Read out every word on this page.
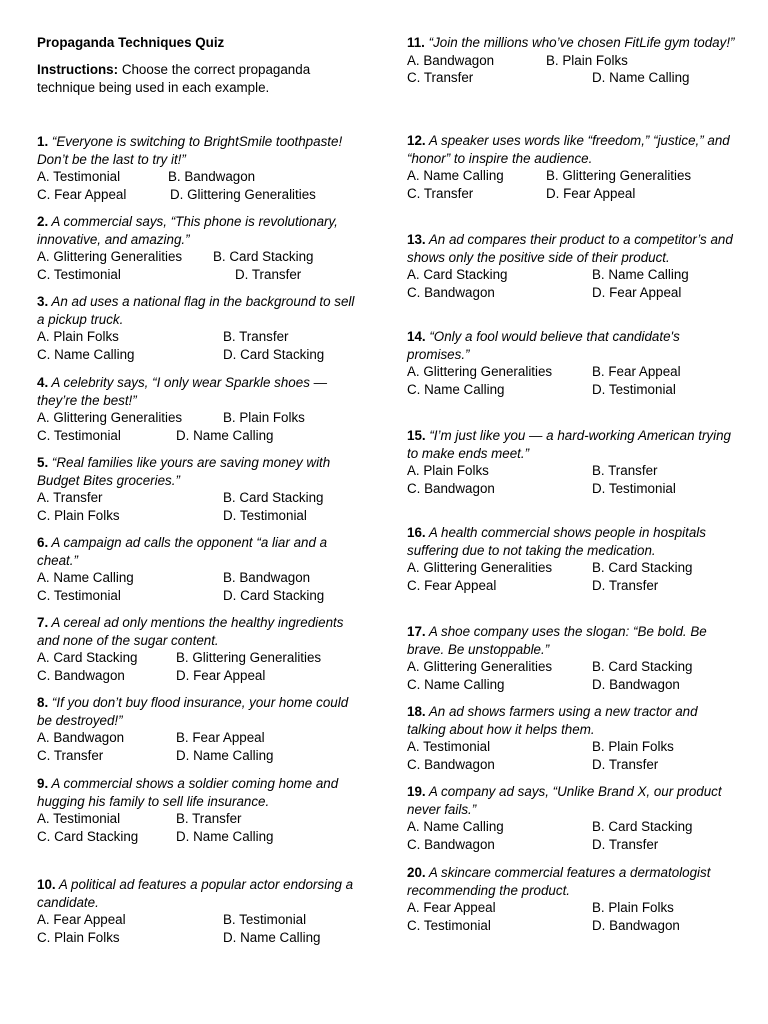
Propaganda Techniques Quiz
Instructions: Choose the correct propaganda technique being used in each example.

1. “Everyone is switching to BrightSmile toothpaste! Don’t be the last to try it!”

A. Testimonial	B. Bandwagon
C. Fear Appeal	D. Glittering Generalities

2. A commercial says, “This phone is revolutionary, innovative, and amazing.”

A. Glittering Generalities B. Card Stacking
C. Testimonial	D. Transfer

3. An ad uses a national flag in the background to sell a pickup truck.

A. Plain Folks	B. Transfer
C. Name Calling	D. Card Stacking

4. A celebrity says, “I only wear Sparkle shoes — they’re the best!”

A. Glittering Generalities	B. Plain Folks
C. Testimonial	D. Name Calling

5. “Real families like yours are saving money with Budget Bites groceries.”

A. Transfer	B. Card Stacking
C. Plain Folks	D. Testimonial

6. A campaign ad calls the opponent “a liar and a cheat.”

A. Name Calling	B. Bandwagon
C. Testimonial	D. Card Stacking

7. A cereal ad only mentions the healthy ingredients and none of the sugar content.

A. Card Stacking	B. Glittering Generalities
C. Bandwagon	D. Fear Appeal

8. “If you don’t buy flood insurance, your home could be destroyed!”

A. Bandwagon	B. Fear Appeal
C. Transfer	D. Name Calling

9. A commercial shows a soldier coming home and hugging his family to sell life insurance.

A. Testimonial	B. Transfer
C. Card Stacking	D. Name Calling

10. A political ad features a popular actor endorsing a candidate.

A. Fear Appeal	B. Testimonial
C. Plain Folks	D. Name Calling

11. “Join the millions who’ve chosen FitLife gym today!”

A. Bandwagon	B. Plain Folks
C. Transfer	D. Name Calling

12. A speaker uses words like “freedom,” “justice,” and “honor” to inspire the audience.

A. Name Calling	B. Glittering Generalities
C. Transfer	D. Fear Appeal

13. An ad compares their product to a competitor’s and shows only the positive side of their product.

A. Card Stacking	B. Name Calling
C. Bandwagon	D. Fear Appeal

14. “Only a fool would believe that candidate's promises.”

A. Glittering Generalities	B. Fear Appeal
C. Name Calling	D. Testimonial

15. “I’m just like you — a hard-working American trying to make ends meet.”

A. Plain Folks	B. Transfer
C. Bandwagon	D. Testimonial

16. A health commercial shows people in hospitals suffering due to not taking the medication.

A. Glittering Generalities	B. Card Stacking
C. Fear Appeal	D. Transfer

17. A shoe company uses the slogan: “Be bold. Be brave. Be unstoppable.”

A. Glittering Generalities	B. Card Stacking
C. Name Calling	D. Bandwagon

18. An ad shows farmers using a new tractor and talking about how it helps them.

A. Testimonial	B. Plain Folks
C. Bandwagon	D. Transfer

19. A company ad says, “Unlike Brand X, our product never fails.”

A. Name Calling	B. Card Stacking
C. Bandwagon	D. Transfer

20. A skincare commercial features a dermatologist recommending the product.

A. Fear Appeal	B. Plain Folks
C. Testimonial	D. Bandwagon
